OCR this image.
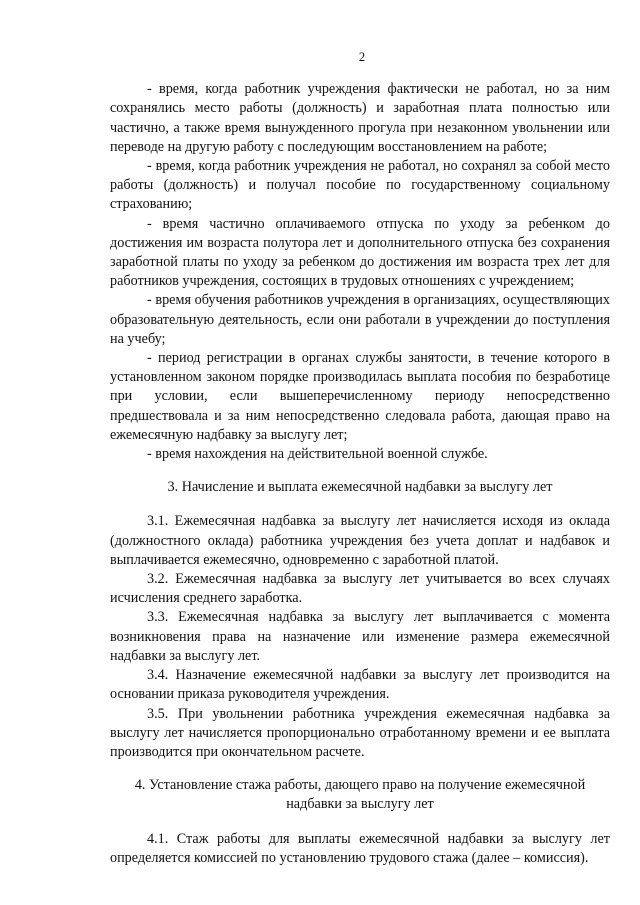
2

- время, когда работник учреждения фактически не работал, но за ним сохранялись место работы (должность) и заработная плата полностью или частично, а также время вынужденного прогула при незаконном увольнении или переводе на другую работу с последующим восстановлением на работе;

- время, когда работник учреждения не работал, но сохранял за собой место работы (должность) и получал пособие по государственному социальному страхованию;

- время частично оплачиваемого отпуска по уходу за ребенком до достижения им возраста полутора лет и дополнительного отпуска без сохранения заработной платы по уходу за ребенком до достижения им возраста трех лет для работников учреждения, состоящих в трудовых отношениях с учреждением;

- время обучения работников учреждения в организациях, осуществляющих образовательную деятельность, если они работали в учреждении до поступления на учебу;

- период регистрации в органах службы занятости, в течение которого в установленном законом порядке производилась выплата пособия по безработице при условии, если вышеперечисленному периоду непосредственно предшествовала и за ним непосредственно следовала работа, дающая право на ежемесячную надбавку за выслугу лет;

- время нахождения на действительной военной службе.

3. Начисление и выплата ежемесячной надбавки за выслугу лет

3.1. Ежемесячная надбавка за выслугу лет начисляется исходя из оклада (должностного оклада) работника учреждения без учета доплат и надбавок и выплачивается ежемесячно, одновременно с заработной платой.

3.2. Ежемесячная надбавка за выслугу лет учитывается во всех случаях исчисления среднего заработка.

3.3. Ежемесячная надбавка за выслугу лет выплачивается с момента возникновения права на назначение или изменение размера ежемесячной надбавки за выслугу лет.

3.4. Назначение ежемесячной надбавки за выслугу лет производится на основании приказа руководителя учреждения.

3.5. При увольнении работника учреждения ежемесячная надбавка за выслугу лет начисляется пропорционально отработанному времени и ее выплата производится при окончательном расчете.

4. Установление стажа работы, дающего право на получение ежемесячной

надбавки за выслугу лет

4.1. Стаж работы для выплаты ежемесячной надбавки за выслугу лет определяется комиссией по установлению трудового стажа (далее – комиссия).
